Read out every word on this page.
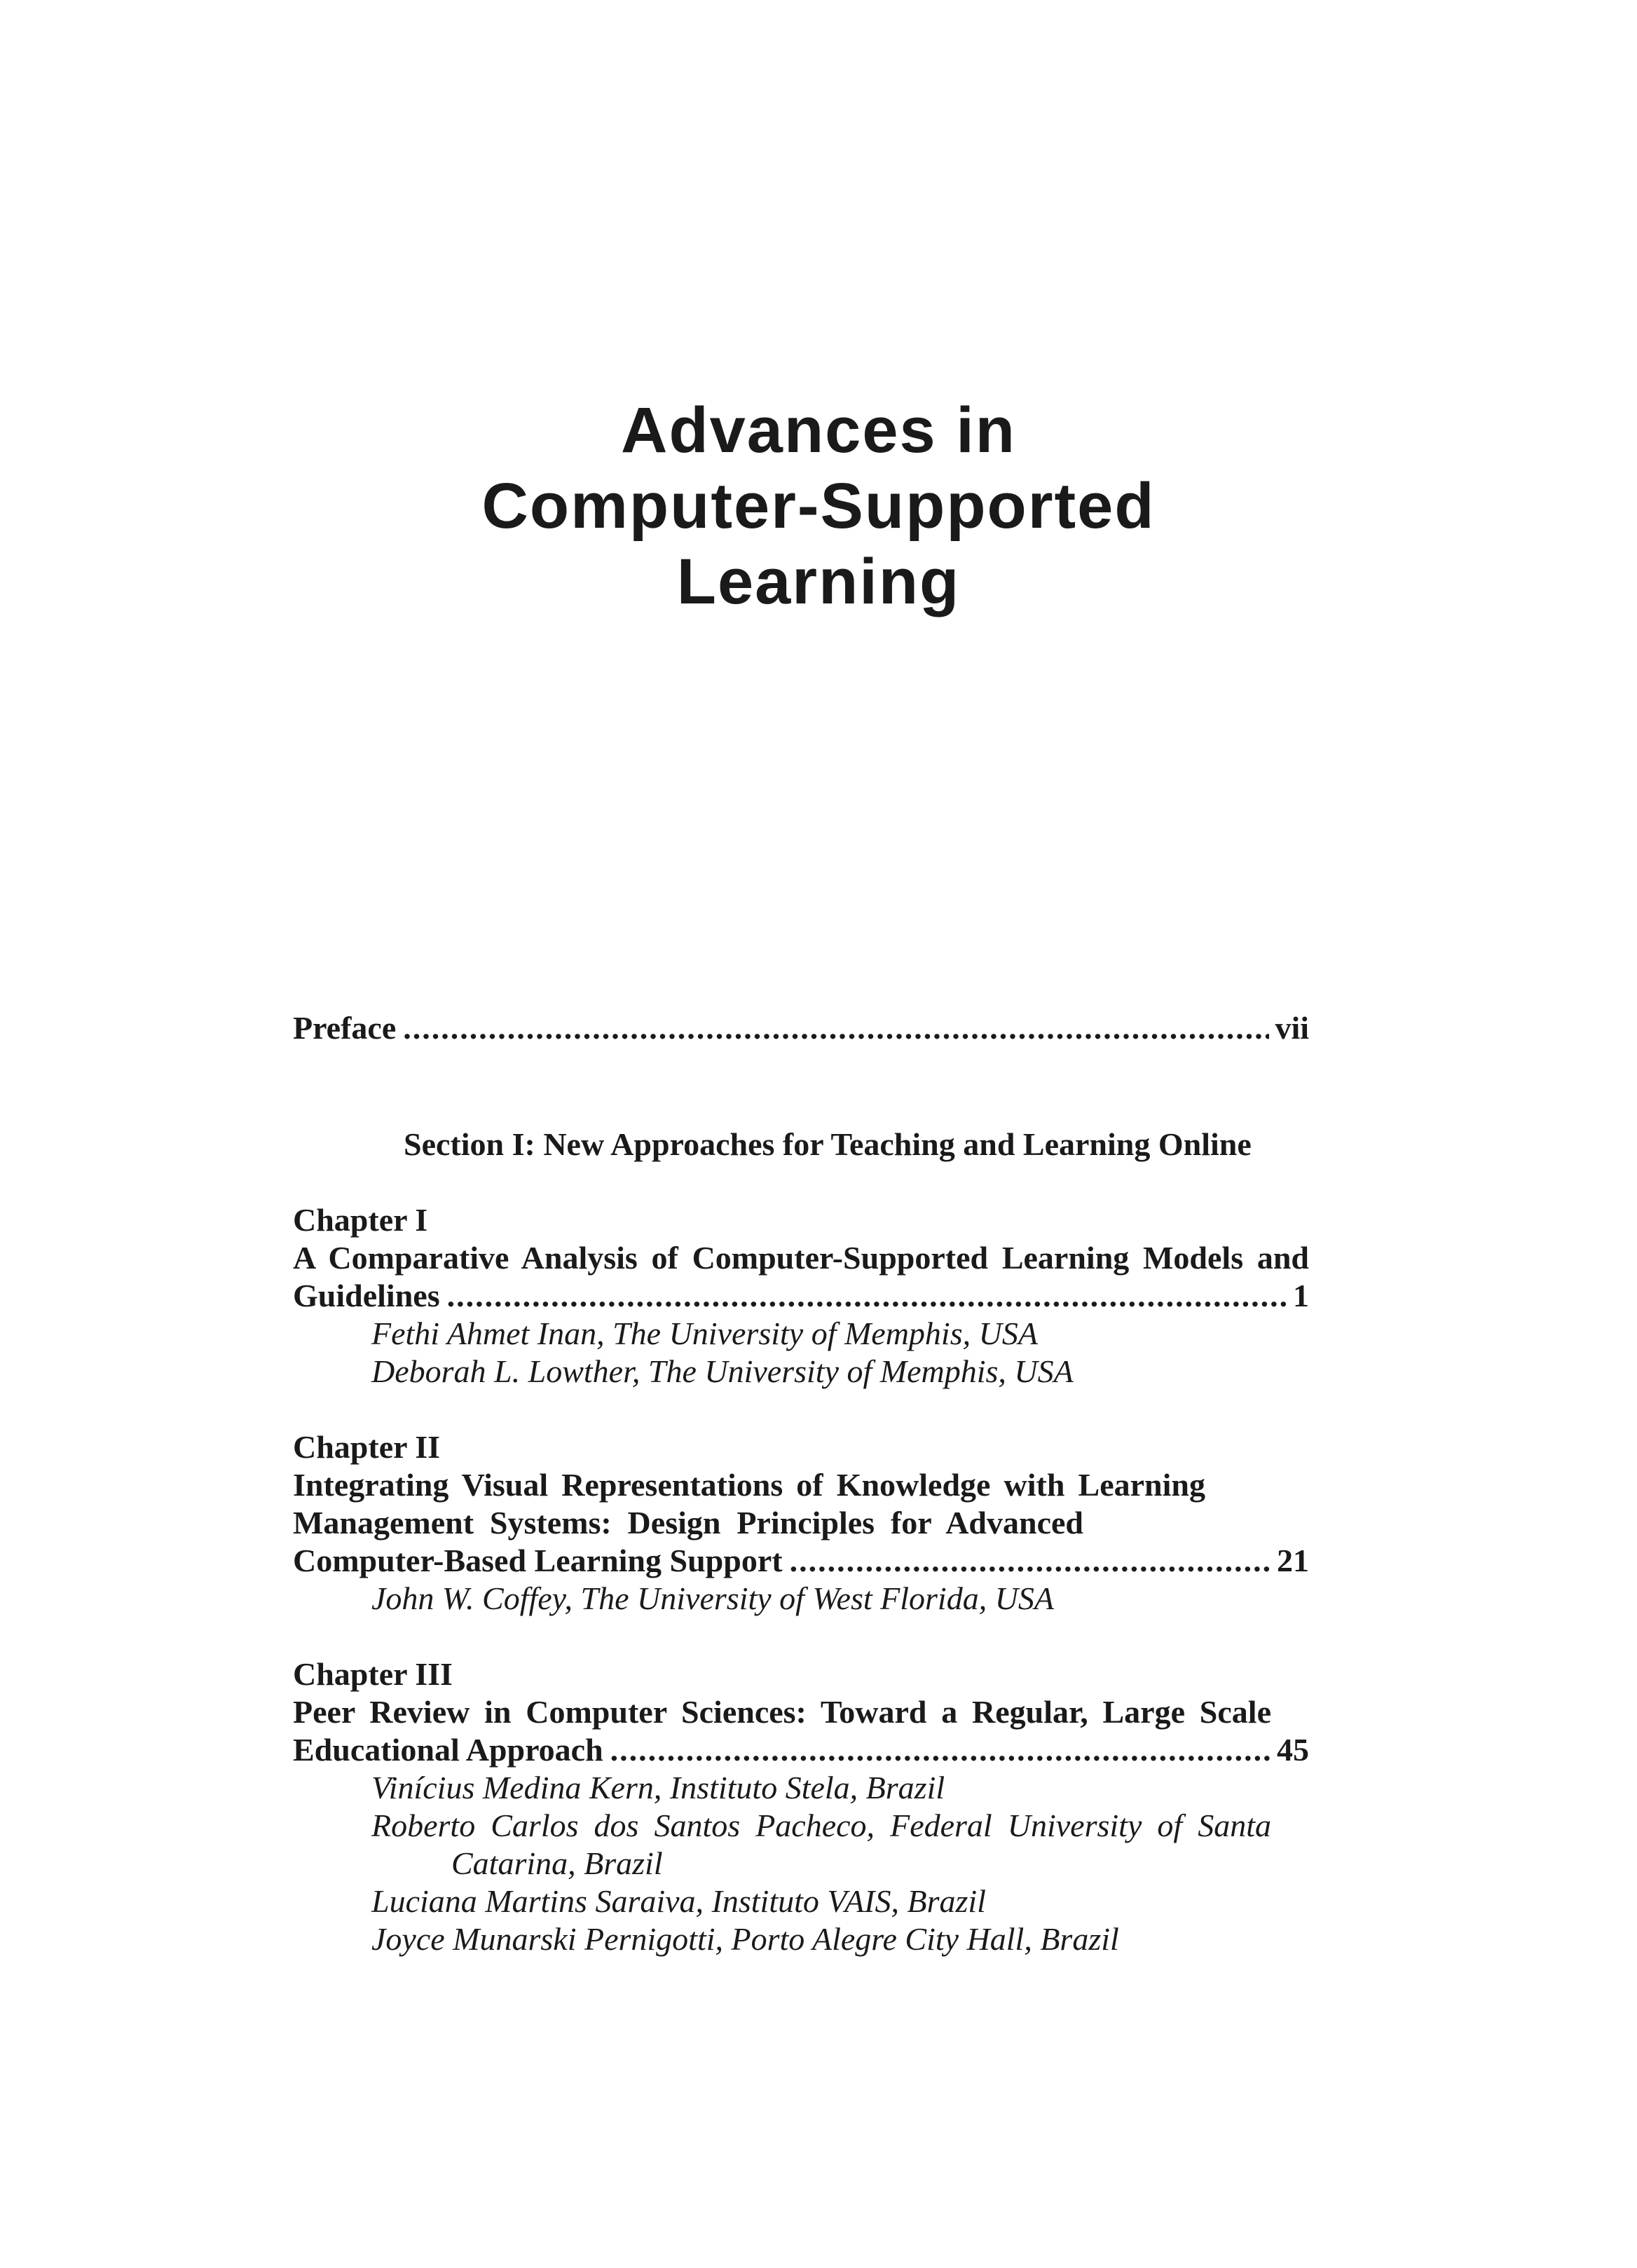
Advances in
Computer-Supported
Learning
Preface .....	vii
Section I: New Approaches for Teaching and Learning Online
Chapter I
A Comparative Analysis of Computer-Supported Learning Models and
Guidelines .....	1
Fethi Ahmet Inan, The University of Memphis, USA
Deborah L. Lowther, The University of Memphis, USA
Chapter II
Integrating Visual Representations of Knowledge with Learning
Management Systems: Design Principles for Advanced
Computer-Based Learning Support .....	21
John W. Coffey, The University of West Florida, USA
Chapter III
Peer Review in Computer Sciences: Toward a Regular, Large Scale
Educational Approach .....	45
Vinícius Medina Kern, Instituto Stela, Brazil
Roberto Carlos dos Santos Pacheco, Federal University of Santa
Catarina, Brazil
Luciana Martins Saraiva, Instituto VAIS, Brazil
Joyce Munarski Pernigotti, Porto Alegre City Hall, Brazil
